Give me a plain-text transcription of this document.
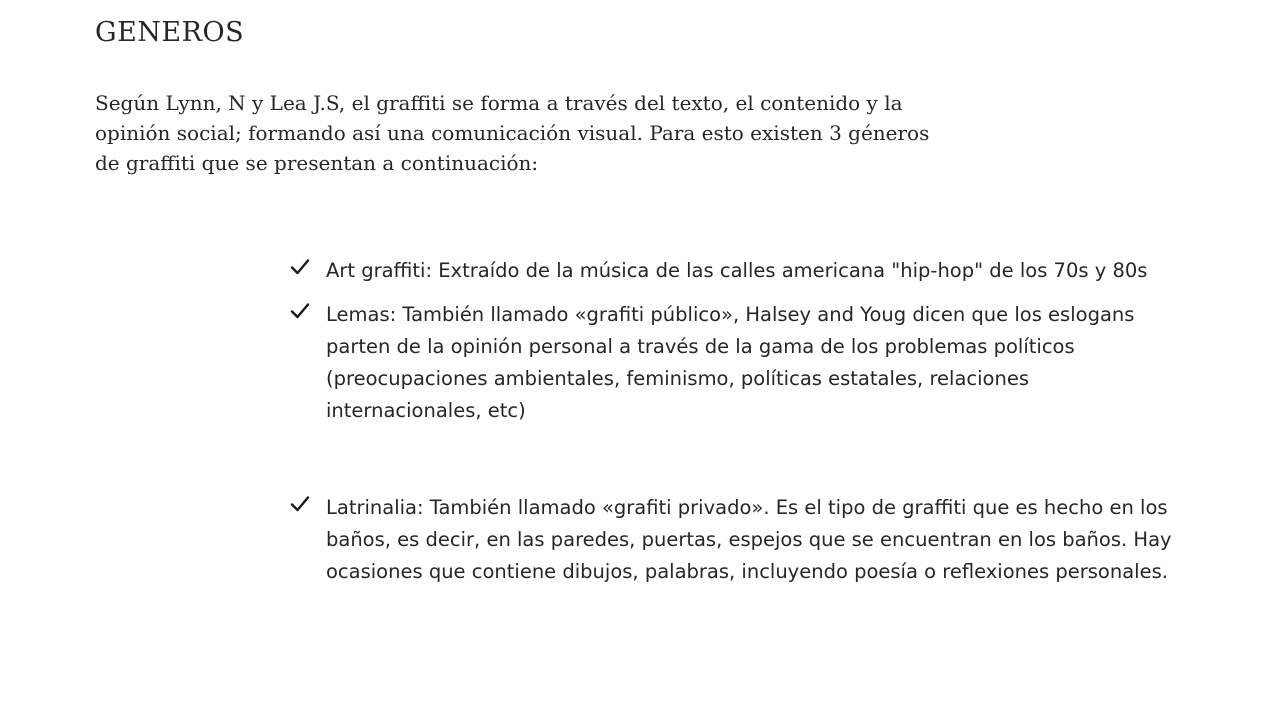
GENEROS

Según Lynn, N y Lea J.S, el graffiti se forma a través del texto, el contenido y la opinión social; formando así una comunicación visual. Para esto existen 3 géneros de graffiti que se presentan a continuación:

Art graffiti: Extraído de la música de las calles americana "hip-hop" de los 70s y 80s
Lemas: También llamado «grafiti público», Halsey and Youg dicen que los eslogans parten de la opinión personal a través de la gama de los problemas políticos (preocupaciones ambientales, feminismo, políticas estatales, relaciones internacionales, etc)
Latrinalia: También llamado «grafiti privado». Es el tipo de graffiti que es hecho en los baños, es decir, en las paredes, puertas, espejos que se encuentran en los baños. Hay ocasiones que contiene dibujos, palabras, incluyendo poesía o reflexiones personales.
